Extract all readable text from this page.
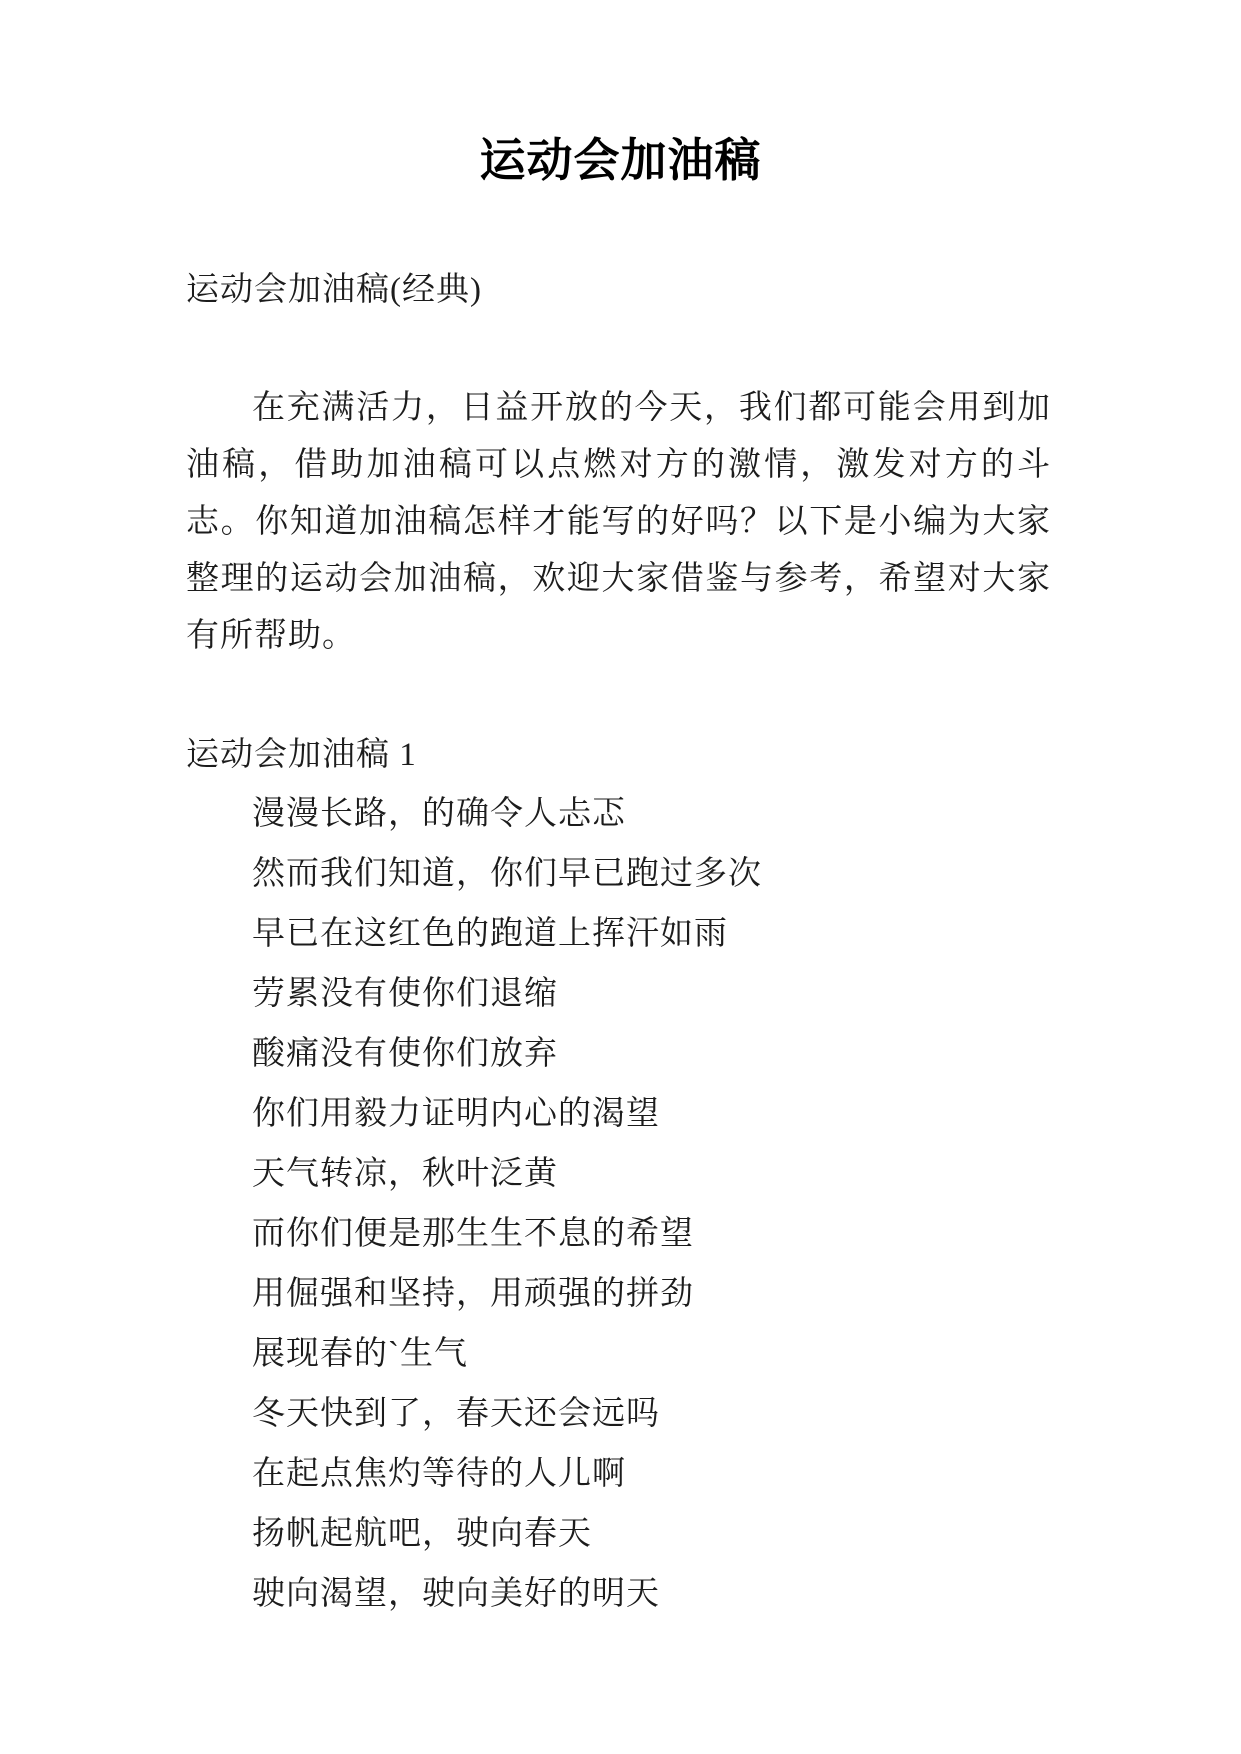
运动会加油稿

运动会加油稿(经典)

在充满活力，日益开放的今天，我们都可能会用到加油稿，借助加油稿可以点燃对方的激情，激发对方的斗志。你知道加油稿怎样才能写的好吗？以下是小编为大家整理的运动会加油稿，欢迎大家借鉴与参考，希望对大家有所帮助。

运动会加油稿 1

漫漫长路，的确令人忐忑
然而我们知道，你们早已跑过多次
早已在这红色的跑道上挥汗如雨
劳累没有使你们退缩
酸痛没有使你们放弃
你们用毅力证明内心的渴望
天气转凉，秋叶泛黄
而你们便是那生生不息的希望
用倔强和坚持，用顽强的拼劲
展现春的`生气
冬天快到了，春天还会远吗
在起点焦灼等待的人儿啊
扬帆起航吧，驶向春天
驶向渴望，驶向美好的明天
